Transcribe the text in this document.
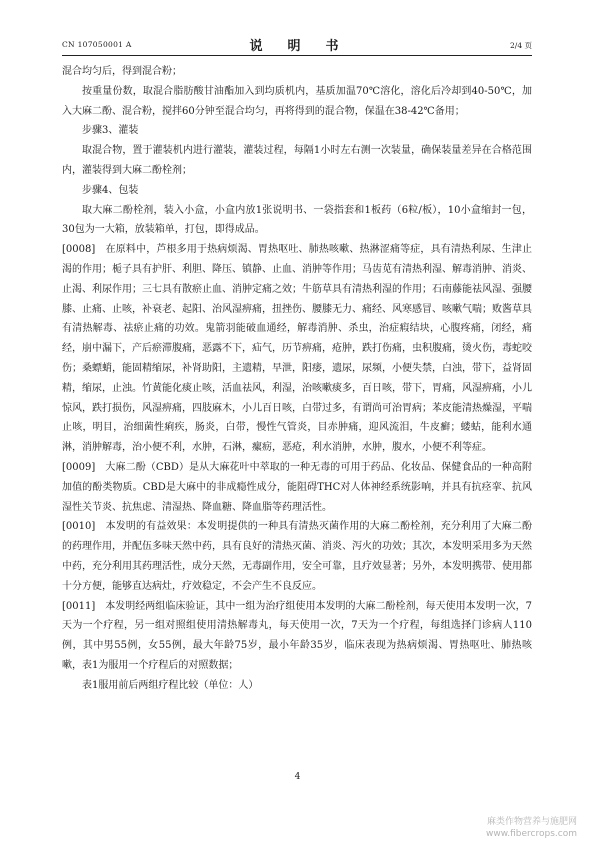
CN 107050001 A	说　明　书	2/4 页

混合均匀后，得到混合粉；

按重量份数，取混合脂肪酸甘油酯加入到均质机内，基质加温70℃溶化，溶化后冷却到40-50℃，加入大麻二酚、混合粉，搅拌60分钟至混合均匀，再将得到的混合物，保温在38-42℃备用；

步骤3、灌装

取混合物，置于灌装机内进行灌装，灌装过程，每隔1小时左右测一次装量，确保装量差异在合格范围内，灌装得到大麻二酚栓剂；

步骤4、包装

取大麻二酚栓剂，装入小盒，小盒内放1张说明书、一袋指套和1板药（6粒/板），10小盒缩封一包，30包为一大箱，放装箱单，打包，即得成品。

[0008]　在原料中，芦根多用于热病烦渴、胃热呕吐、肺热咳嗽、热淋涩痛等症，具有清热利尿、生津止渴的作用；栀子具有护肝、利胆、降压、镇静、止血、消肿等作用；马齿苋有清热利湿、解毒消肿、消炎、止渴、利尿作用；三七具有散瘀止血、消肿定痛之效；牛筋草具有清热利湿的作用；石南藤能祛风湿、强腰膝、止痛、止咳，补衰老、起阳、治风湿痹痛，扭挫伤、腰膝无力、痛经、风寒感冒、咳嗽气喘；败酱草具有清热解毒、祛瘀止痛的功效。鬼箭羽能破血通经，解毒消肿、杀虫，治症瘕结块，心腹疼痛，闭经，痛经，崩中漏下，产后瘀滞腹痛，恶露不下，疝气，历节痹痛，疮肿，跌打伤痛，虫积腹痛，烫火伤，毒蛇咬伤；桑螵蛸，能固精缩尿，补肾助阳，主遗精，早泄，阳痿，遗尿，尿频，小便失禁，白浊，带下，益肾固精，缩尿，止浊。竹黄能化痰止咳，活血祛风，利湿，治咳嗽痰多，百日咳，带下，胃痛，风湿痹痛，小儿惊风，跌打损伤，风湿痹痛，四肢麻木，小儿百日咳，白带过多，有谓尚可治胃病；苯皮能清热燥湿，平喘止咳，明目，治细菌性痢疾，肠炎，白带，慢性气管炎，目赤肿痛，迎风流泪，牛皮癣；蝼蛄，能利水通淋，消肿解毒，治小便不利，水肿，石淋，瘰疬，恶疮，利水消肿，水肿，腹水，小便不利等症。

[0009]　大麻二酚（CBD）是从大麻花叶中萃取的一种无毒的可用于药品、化妆品、保健食品的一种高附加值的酚类物质。CBD是大麻中的非成瘾性成分，能阻碍THC对人体神经系统影响，并具有抗痉挛、抗风湿性关节炎、抗焦虑、清湿热、降血糖、降血脂等药理活性。

[0010]　本发明的有益效果：本发明提供的一种具有清热灭菌作用的大麻二酚栓剂，充分利用了大麻二酚的药理作用，并配伍多味天然中药，具有良好的清热灭菌、消炎、泻火的功效；其次，本发明采用多为天然中药，充分利用其药理活性，成分天然，无毒副作用，安全可靠，且疗效显著；另外，本发明携带、使用都十分方便，能够直达病灶，疗效稳定，不会产生不良反应。

[0011]　本发明经两组临床验证，其中一组为治疗组使用本发明的大麻二酚栓剂，每天使用本发明一次，7天为一个疗程，另一组对照组使用清热解毒丸，每天使用一次，7天为一个疗程，每组选择门诊病人110例，其中男55例，女55例，最大年龄75岁，最小年龄35岁，临床表现为热病烦渴、胃热呕吐、肺热咳嗽，表1为服用一个疗程后的对照数据；

表1服用前后两组疗程比较（单位：人）

4
麻类作物营养与施肥网
www.fibercrops.com
